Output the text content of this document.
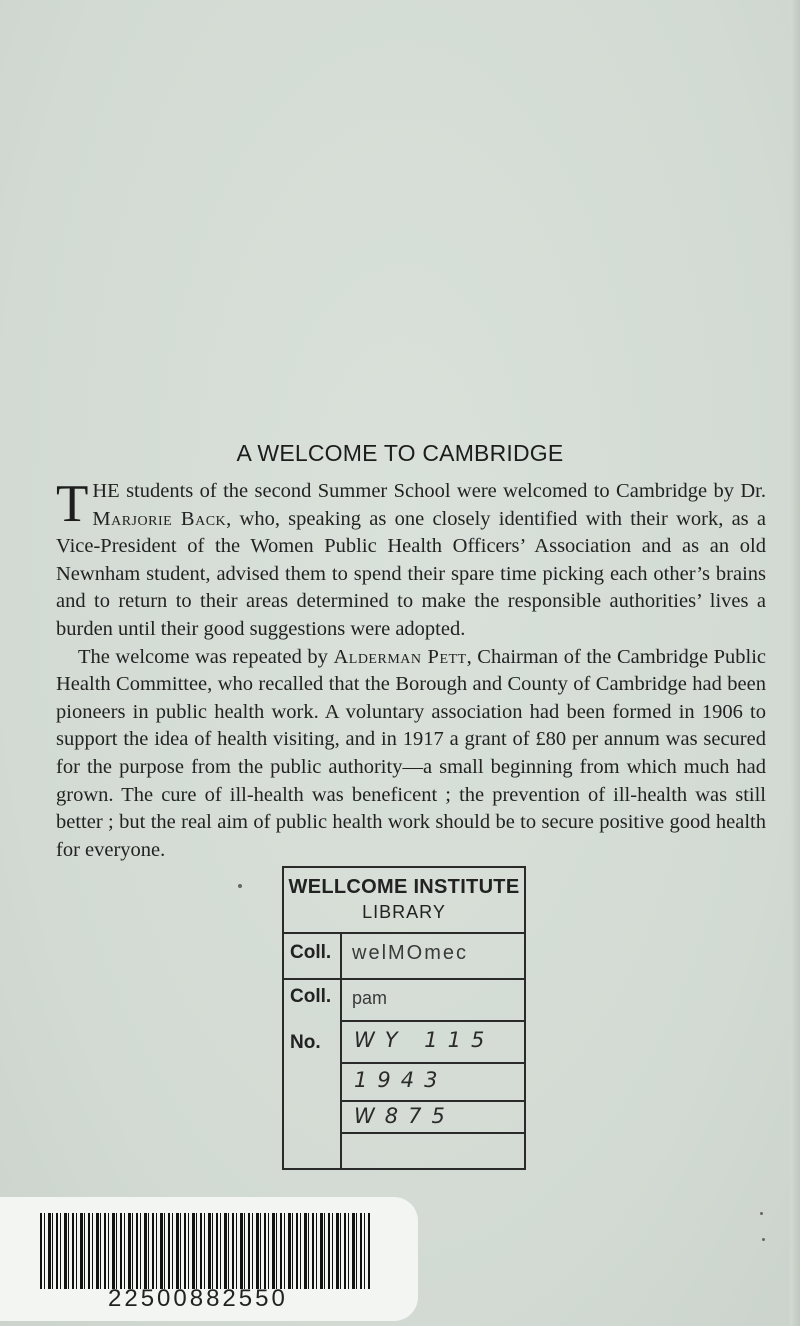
A WELCOME TO CAMBRIDGE

THE students of the second Summer School were welcomed to Cambridge by Dr. Marjorie Back, who, speaking as one closely identified with their work, as a Vice-President of the Women Public Health Officers’ Association and as an old Newnham student, advised them to spend their spare time picking each other’s brains and to return to their areas determined to make the responsible authorities’ lives a burden until their good suggestions were adopted.

The welcome was repeated by Alderman Pett, Chairman of the Cambridge Public Health Committee, who recalled that the Borough and County of Cambridge had been pioneers in public health work. A voluntary association had been formed in 1906 to support the idea of health visiting, and in 1917 a grant of £80 per annum was secured for the purpose from the public authority—a small beginning from which much had grown. The cure of ill-health was beneficent ; the prevention of ill-health was still better ; but the real aim of public health work should be to secure positive good health for everyone.

WELLCOME INSTITUTE
LIBRARY
Coll. welMOmec
Coll. pam
No. WY 115
1943
W875
22500882550
